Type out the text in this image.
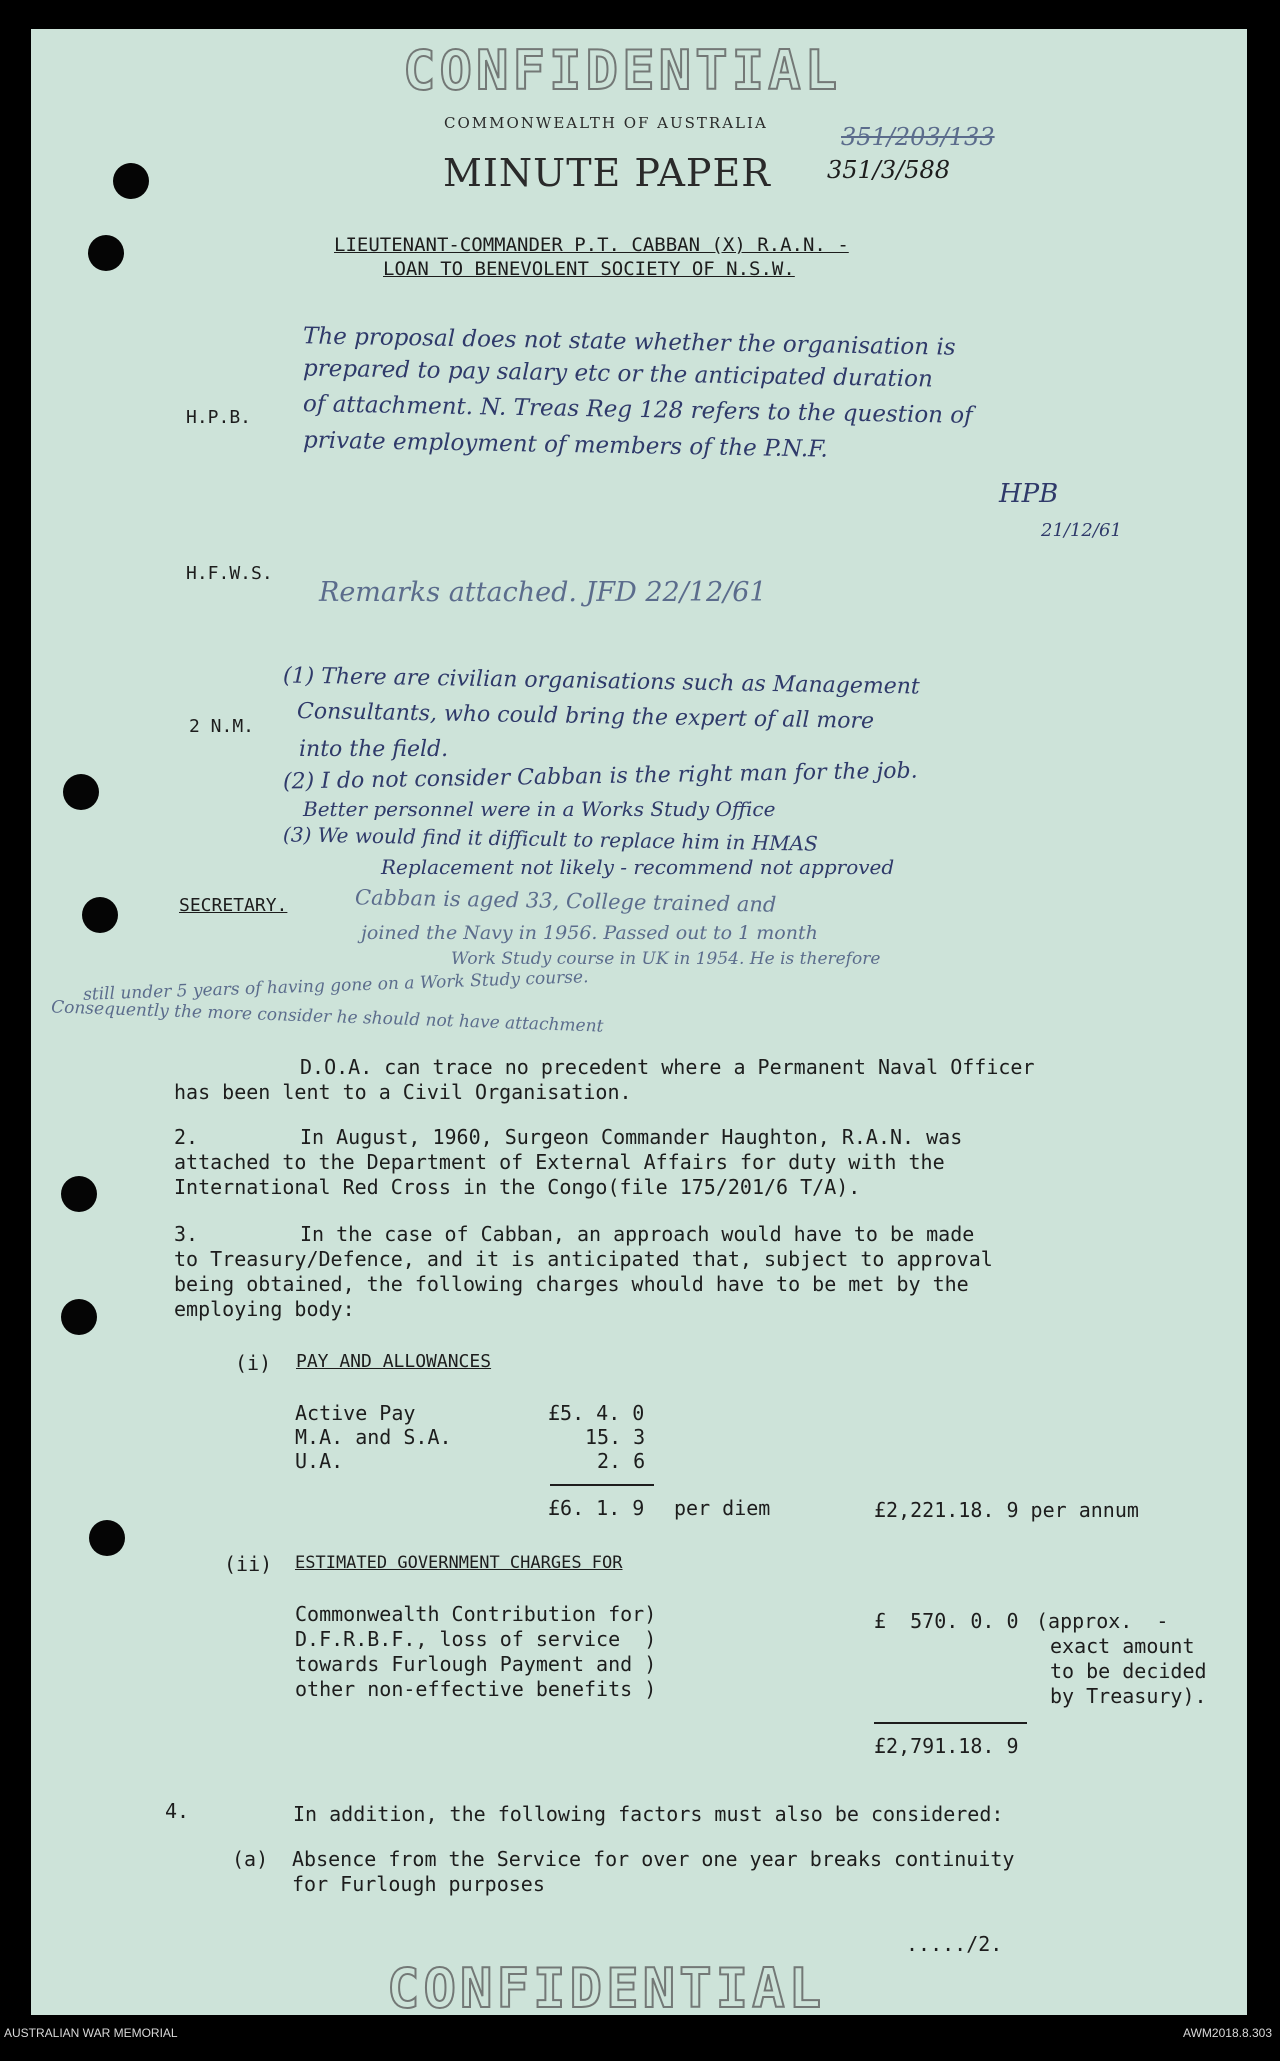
CONFIDENTIAL
COMMONWEALTH OF AUSTRALIA
MINUTE PAPER
351/203/133
351/3/588
LIEUTENANT-COMMANDER P.T. CABBAN (X) R.A.N. -
LOAN TO BENEVOLENT SOCIETY OF N.S.W.
H.P.B.
The proposal does not state whether the organisation is
prepared to pay salary etc or the anticipated duration
of attachment. N. Treas Reg 128 refers to the question of
private employment of members of the P.N.F.
HPB
21/12/61
H.F.W.S.
Remarks attached. JFD 22/12/61
2 N.M.
(1) There are civilian organisations such as Management
Consultants, who could bring the expert of all more
into the field.
(2) I do not consider Cabban is the right man for the job.
Better personnel were in a Works Study Office
(3) We would find it difficult to replace him in HMAS
Replacement not likely - recommend not approved
SECRETARY.	Cabban is aged 33, College trained and
joined the Navy in 1956. Passed out to 1 month
Work Study course in UK in 1954. He is therefore
still under 5 years of having gone on a Work Study course.
Consequently the more consider he should not have attachment
D.O.A. can trace no precedent where a Permanent Naval Officer
has been lent to a Civil Organisation.
2.	In August, 1960, Surgeon Commander Haughton, R.A.N. was
attached to the Department of External Affairs for duty with the
International Red Cross in the Congo(file 175/201/6 T/A).
3.	In the case of Cabban, an approach would have to be made
to Treasury/Defence, and it is anticipated that, subject to approval
being obtained, the following charges whould have to be met by the
employing body:
(i) PAY AND ALLOWANCES
Active Pay	£5. 4. 0
M.A. and S.A.	15. 3
U.A.	2. 6
£6. 1. 9 per diem	£2,221.18. 9 per annum
(ii) ESTIMATED GOVERNMENT CHARGES FOR
Commonwealth Contribution for)
D.F.R.B.F., loss of service  )
towards Furlough Payment and )
other non-effective benefits )
£  570. 0. 0 (approx.  -
exact amount
to be decided
by Treasury).
£2,791.18. 9
4.	In addition, the following factors must also be considered:
(a) Absence from the Service for over one year breaks continuity
for Furlough purposes
...../2.
CONFIDENTIAL
AUSTRALIAN WAR MEMORIAL	AWM2018.8.303
